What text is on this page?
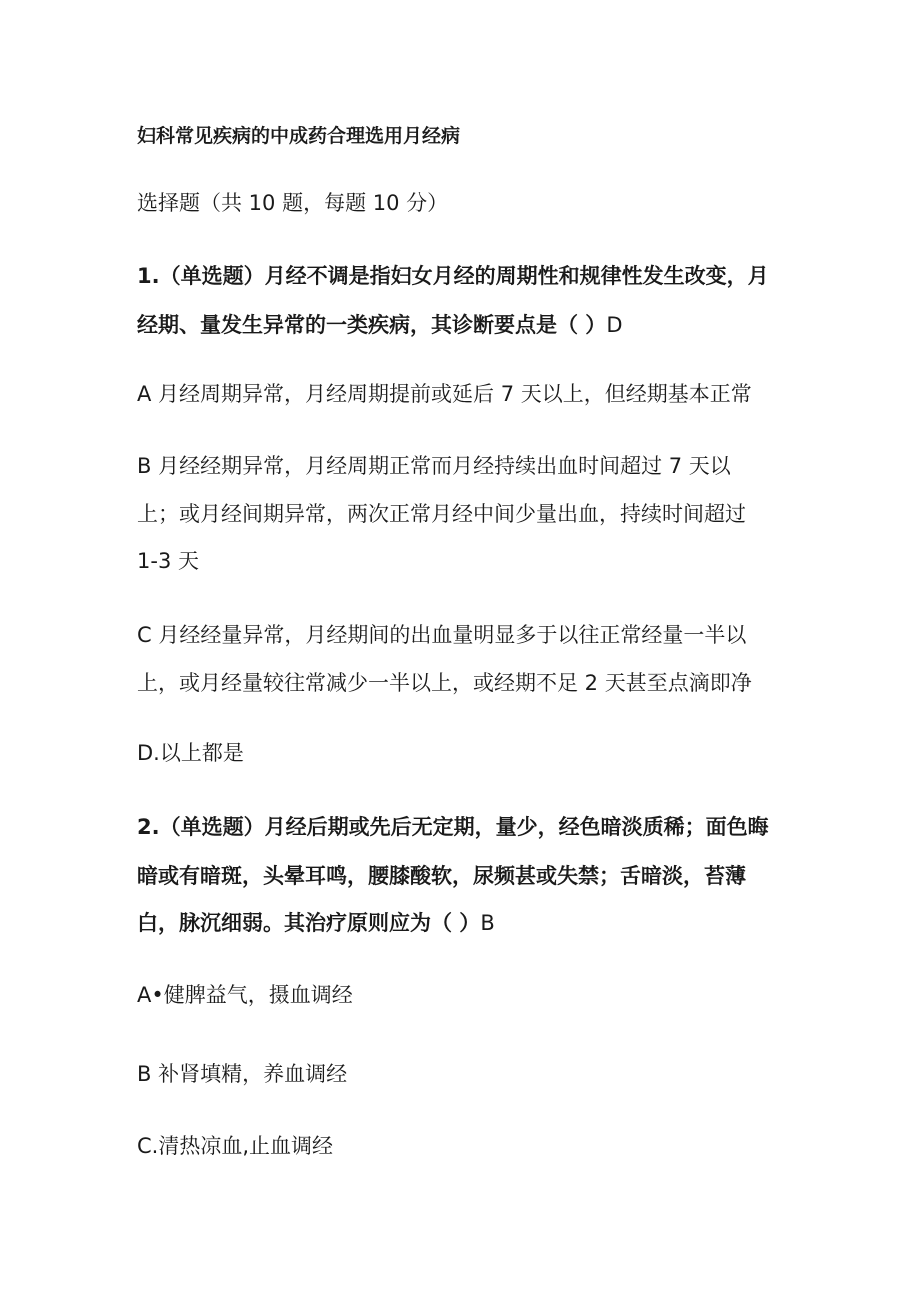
妇科常见疾病的中成药合理选用月经病
选择题（共 10 题，每题 10 分）
1.（单选题）月经不调是指妇女月经的周期性和规律性发生改变，月
经期、量发生异常的一类疾病，其诊断要点是（ ）D
A 月经周期异常，月经周期提前或延后 7 天以上，但经期基本正常
B 月经经期异常，月经周期正常而月经持续出血时间超过 7 天以
上；或月经间期异常，两次正常月经中间少量出血，持续时间超过
1-3 天
C 月经经量异常，月经期间的出血量明显多于以往正常经量一半以
上，或月经量较往常减少一半以上，或经期不足 2 天甚至点滴即净
D.以上都是
2.（单选题）月经后期或先后无定期，量少，经色暗淡质稀；面色晦
暗或有暗斑，头晕耳鸣，腰膝酸软，尿频甚或失禁；舌暗淡，苔薄
白，脉沉细弱。其治疗原则应为（ ）B
A•健脾益气，摄血调经
B 补肾填精，养血调经
C.清热凉血,止血调经
